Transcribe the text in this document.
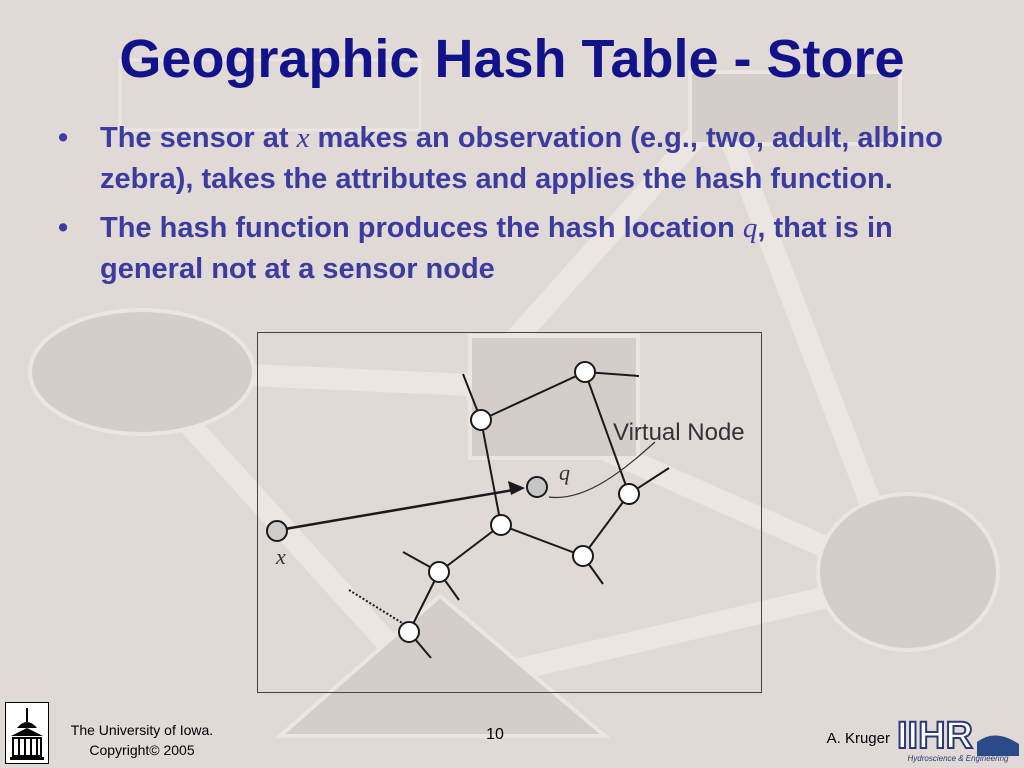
Geographic Hash Table - Store
• The sensor at x makes an observation (e.g., two, adult, albino zebra), takes the attributes and applies the hash function.
• The hash function produces the hash location q, that is in general not at a sensor node
Virtual Node
q
x
The University of Iowa.
Copyright© 2005
10	A. Kruger IIHR
Hydroscience & Engineering
